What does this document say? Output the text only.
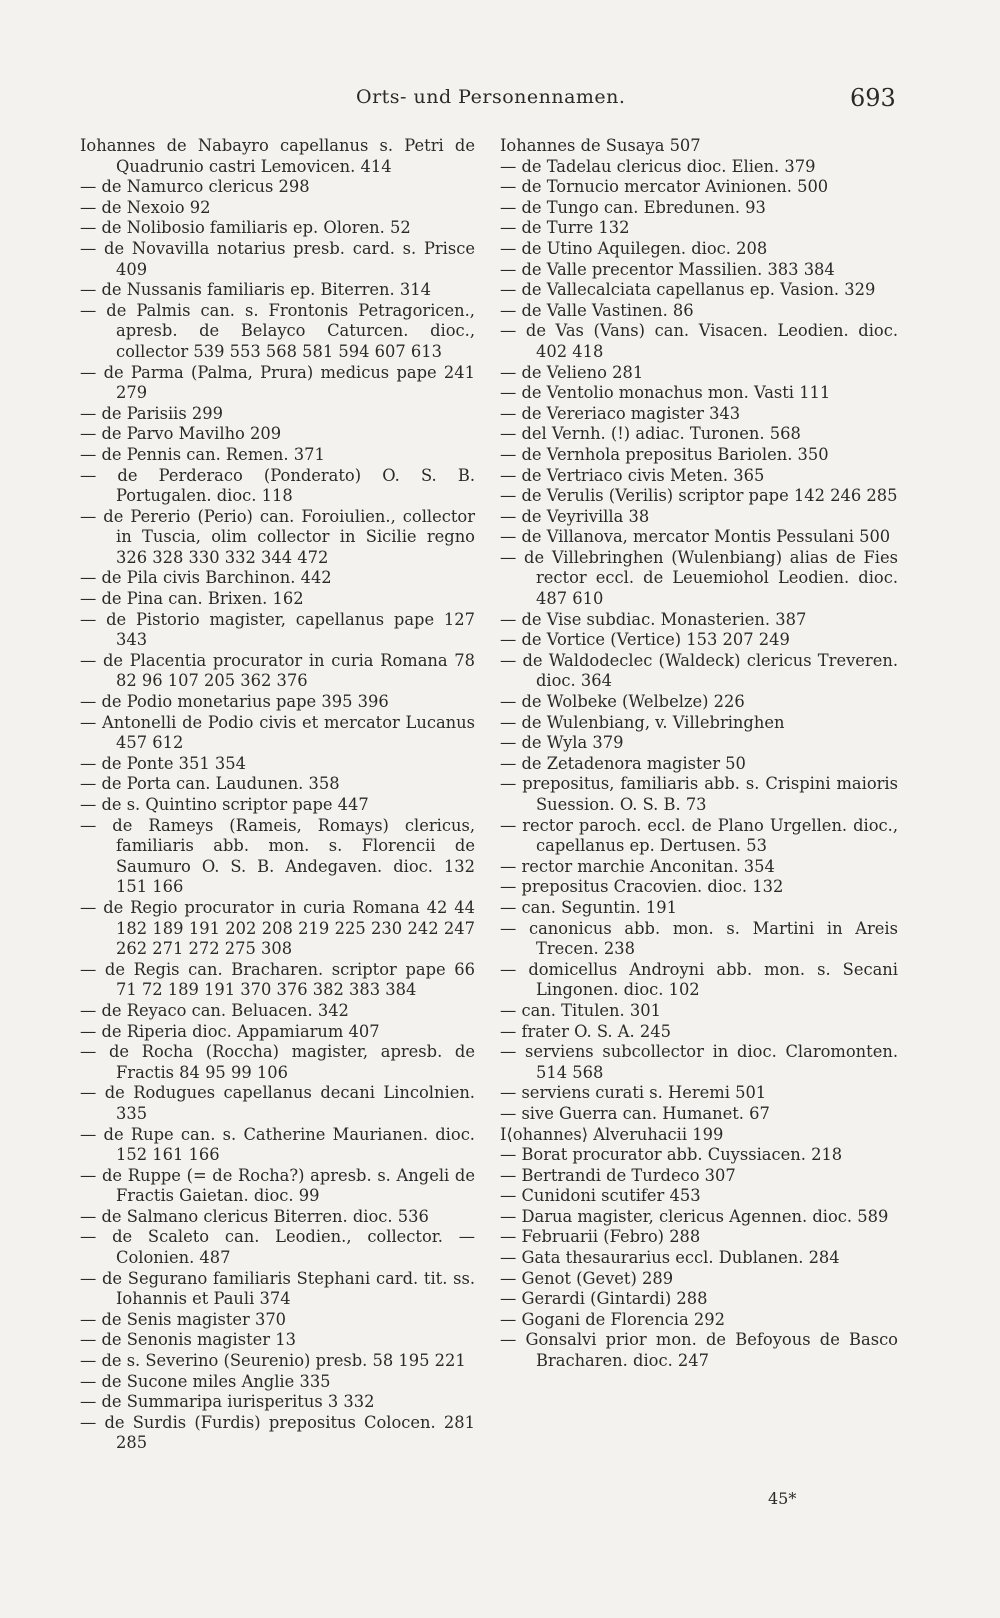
Orts- und Personennamen.	693
Iohannes de Nabayro capellanus s. Petri de Quadrunio castri Lemovicen. 414
— de Namurco clericus 298
— de Nexoio 92
— de Nolibosio familiaris ep. Oloren. 52
— de Novavilla notarius presb. card. s. Prisce 409
— de Nussanis familiaris ep. Biterren. 314
— de Palmis can. s. Frontonis Petragoricen., apresb. de Belayco Caturcen. dioc., collector 539 553 568 581 594 607 613
— de Parma (Palma, Prura) medicus pape 241 279
— de Parisiis 299
— de Parvo Mavilho 209
— de Pennis can. Remen. 371
— de Perderaco (Ponderato) O. S. B. Portugalen. dioc. 118
— de Pererio (Perio) can. Foroiulien., collector in Tuscia, olim collector in Sicilie regno 326 328 330 332 344 472
— de Pila civis Barchinon. 442
— de Pina can. Brixen. 162
— de Pistorio magister, capellanus pape 127 343
— de Placentia procurator in curia Romana 78 82 96 107 205 362 376
— de Podio monetarius pape 395 396
— Antonelli de Podio civis et mercator Lucanus 457 612
— de Ponte 351 354
— de Porta can. Laudunen. 358
— de s. Quintino scriptor pape 447
— de Rameys (Rameis, Romays) clericus, familiaris abb. mon. s. Florencii de Saumuro O. S. B. Andegaven. dioc. 132 151 166
— de Regio procurator in curia Romana 42 44 182 189 191 202 208 219 225 230 242 247 262 271 272 275 308
— de Regis can. Bracharen. scriptor pape 66 71 72 189 191 370 376 382 383 384
— de Reyaco can. Beluacen. 342
— de Riperia dioc. Appamiarum 407
— de Rocha (Roccha) magister, apresb. de Fractis 84 95 99 106
— de Rodugues capellanus decani Lincolnien. 335
— de Rupe can. s. Catherine Maurianen. dioc. 152 161 166
— de Ruppe (= de Rocha?) apresb. s. Angeli de Fractis Gaietan. dioc. 99
— de Salmano clericus Biterren. dioc. 536
— de Scaleto can. Leodien., collector. — Colonien. 487
— de Segurano familiaris Stephani card. tit. ss. Iohannis et Pauli 374
— de Senis magister 370
— de Senonis magister 13
— de s. Severino (Seurenio) presb. 58 195 221
— de Sucone miles Anglie 335
— de Summaripa iurisperitus 3 332
— de Surdis (Furdis) prepositus Colocen. 281 285
Iohannes de Susaya 507
— de Tadelau clericus dioc. Elien. 379
— de Tornucio mercator Avinionen. 500
— de Tungo can. Ebredunen. 93
— de Turre 132
— de Utino Aquilegen. dioc. 208
— de Valle precentor Massilien. 383 384
— de Vallecalciata capellanus ep. Vasion. 329
— de Valle Vastinen. 86
— de Vas (Vans) can. Visacen. Leodien. dioc. 402 418
— de Velieno 281
— de Ventolio monachus mon. Vasti 111
— de Vereriaco magister 343
— del Vernh. (!) adiac. Turonen. 568
— de Vernhola prepositus Bariolen. 350
— de Vertriaco civis Meten. 365
— de Verulis (Verilis) scriptor pape 142 246 285
— de Veyrivilla 38
— de Villanova, mercator Montis Pessulani 500
— de Villebringhen (Wulenbiang) alias de Fies rector eccl. de Leuemiohol Leodien. dioc. 487 610
— de Vise subdiac. Monasterien. 387
— de Vortice (Vertice) 153 207 249
— de Waldodeclec (Waldeck) clericus Treveren. dioc. 364
— de Wolbeke (Welbelze) 226
— de Wulenbiang, v. Villebringhen
— de Wyla 379
— de Zetadenora magister 50
— prepositus, familiaris abb. s. Crispini maioris Suession. O. S. B. 73
— rector paroch. eccl. de Plano Urgellen. dioc., capellanus ep. Dertusen. 53
— rector marchie Anconitan. 354
— prepositus Cracovien. dioc. 132
— can. Seguntin. 191
— canonicus abb. mon. s. Martini in Areis Trecen. 238
— domicellus Androyni abb. mon. s. Secani Lingonen. dioc. 102
— can. Titulen. 301
— frater O. S. A. 245
— serviens subcollector in dioc. Claromonten. 514 568
— serviens curati s. Heremi 501
— sive Guerra can. Humanet. 67
I⟨ohannes⟩ Alveruhacii 199
— Borat procurator abb. Cuyssiacen. 218
— Bertrandi de Turdeco 307
— Cunidoni scutifer 453
— Darua magister, clericus Agennen. dioc. 589
— Februarii (Febro) 288
— Gata thesaurarius eccl. Dublanen. 284
— Genot (Gevet) 289
— Gerardi (Gintardi) 288
— Gogani de Florencia 292
— Gonsalvi prior mon. de Befoyous de Basco Bracharen. dioc. 247
45*
